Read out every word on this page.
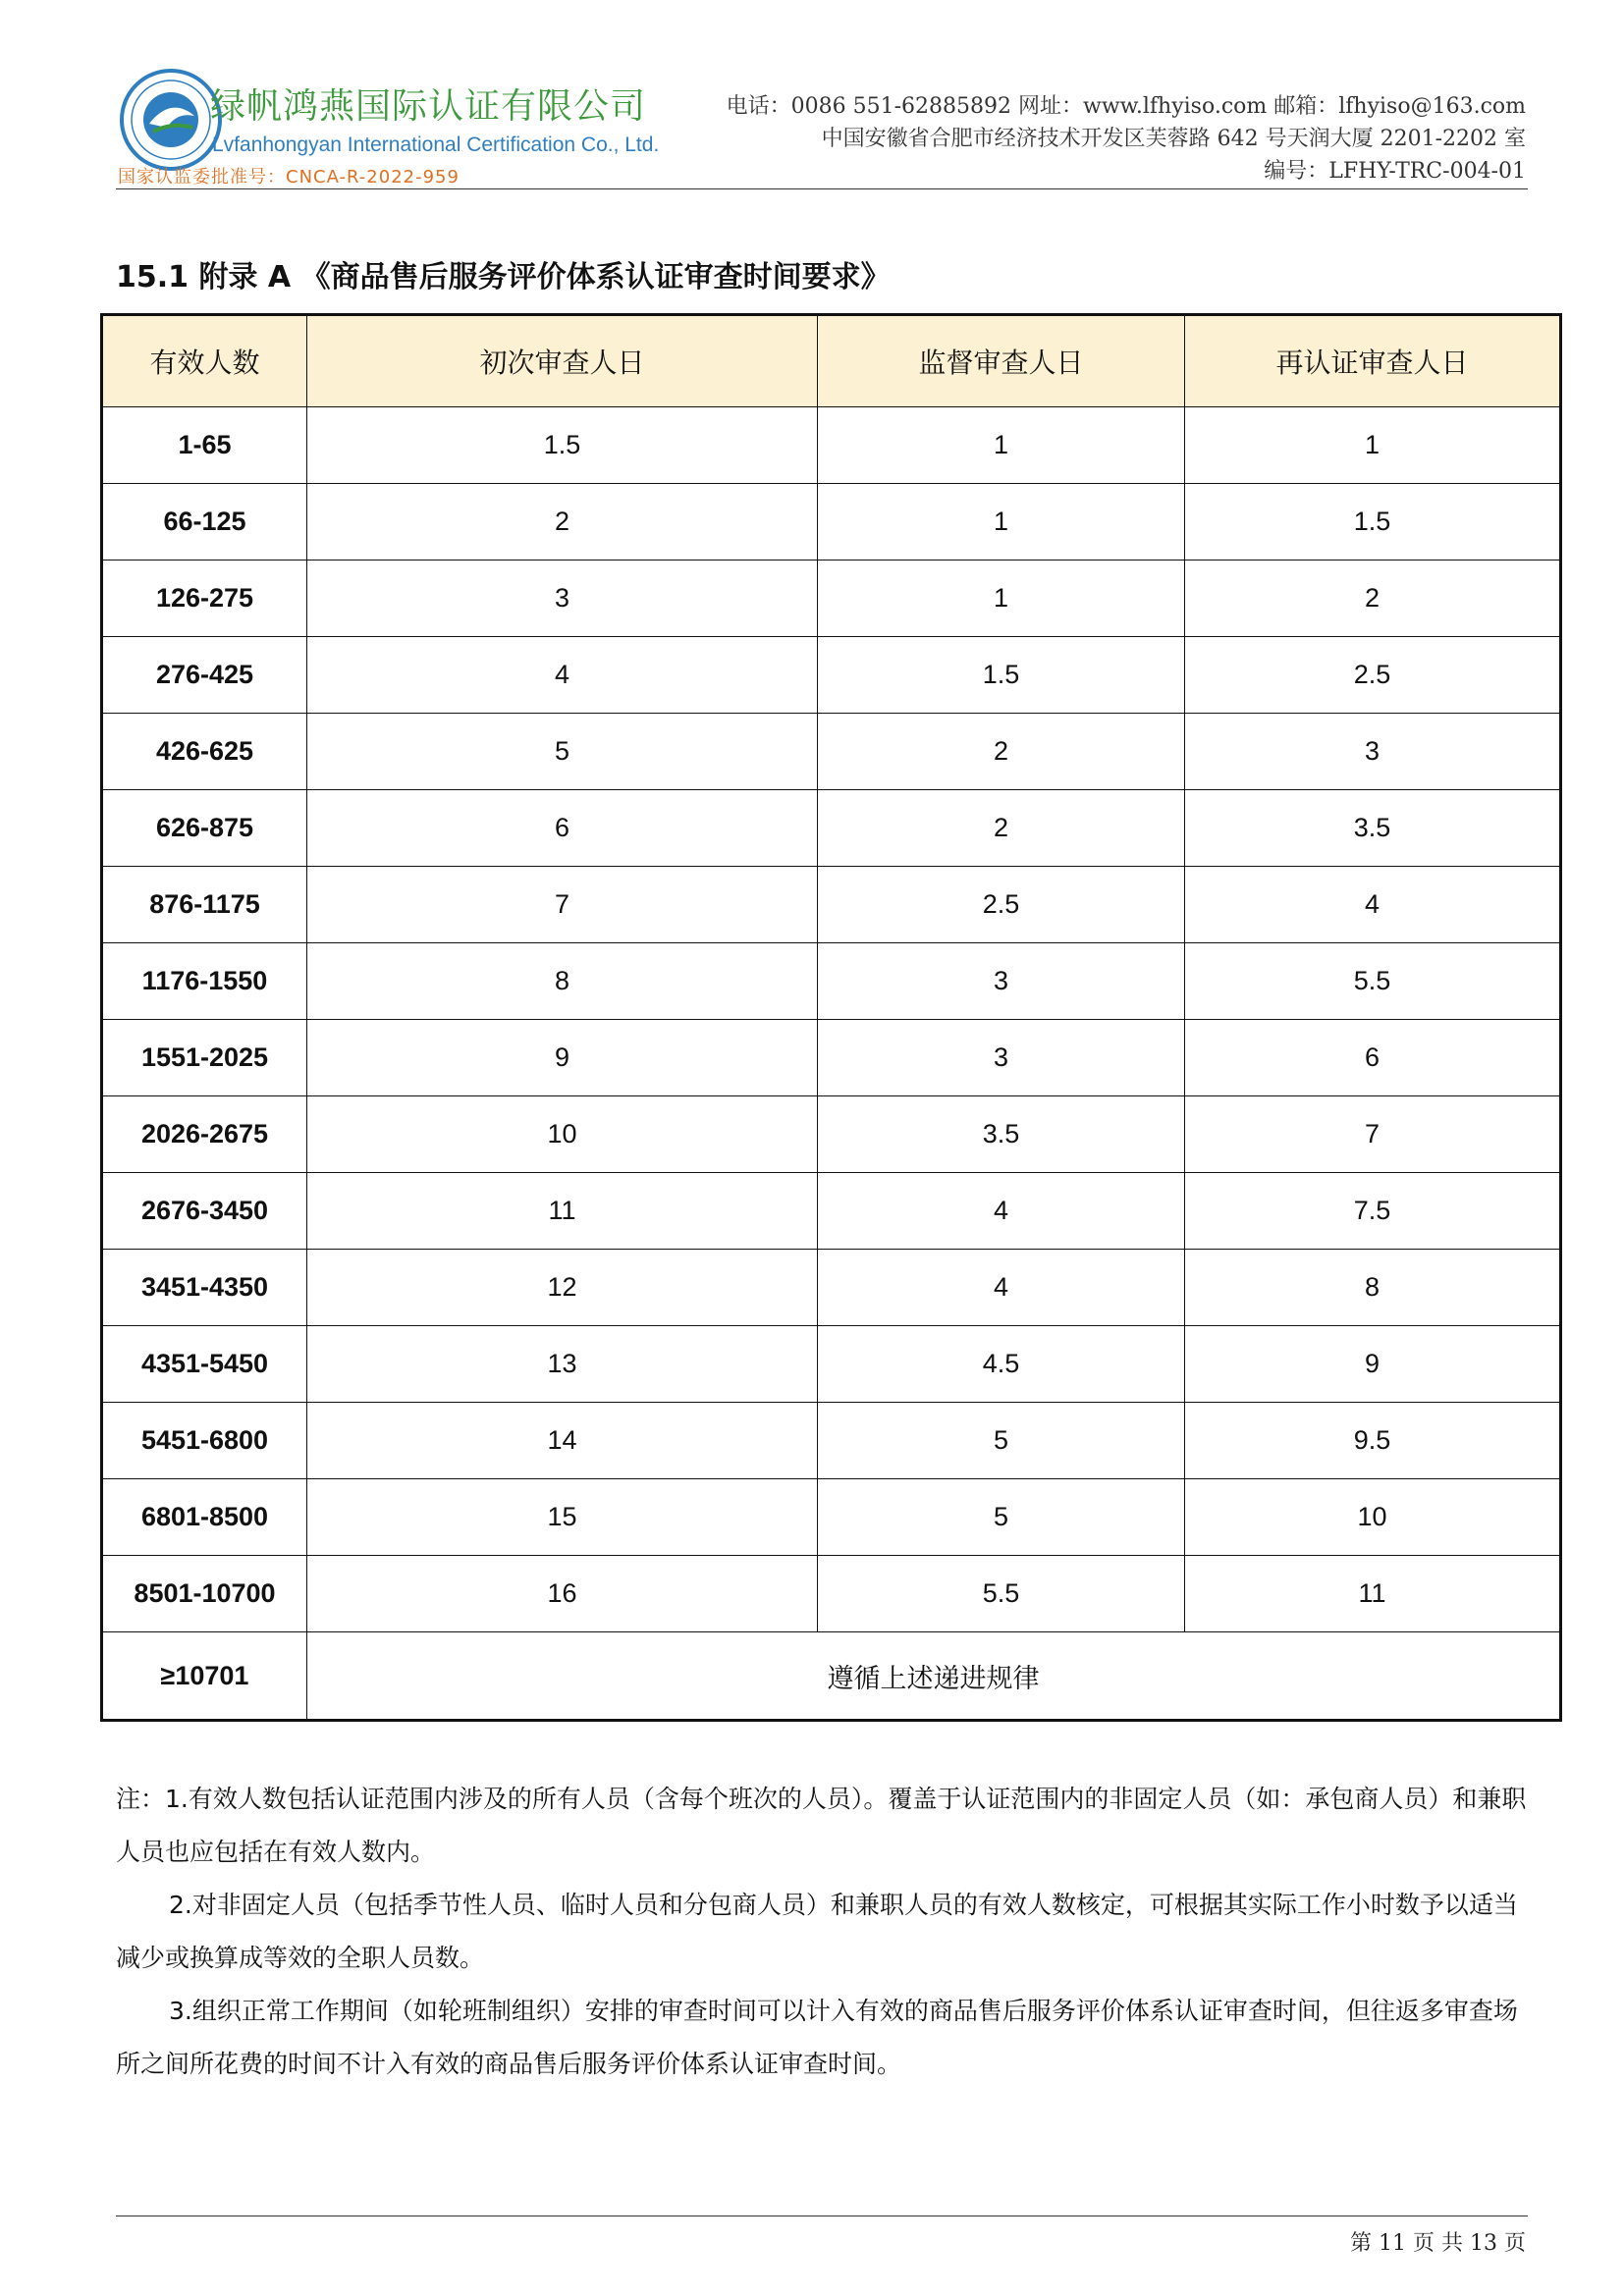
绿帆鸿燕国际认证有限公司
Lvfanhongyan International Certification Co., Ltd.
国家认监委批准号：CNCA-R-2022-959
电话：0086 551-62885892 网址：www.lfhyiso.com 邮箱：lfhyiso@163.com
中国安徽省合肥市经济技术开发区芙蓉路 642 号天润大厦 2201-2202 室
编号：LFHY-TRC-004-01
15.1 附录 A 《商品售后服务评价体系认证审查时间要求》
有效人数	初次审查人日	监督审查人日	再认证审查人日
1-65	1.5	1	1
66-125	2	1	1.5
126-275	3	1	2
276-425	4	1.5	2.5
426-625	5	2	3
626-875	6	2	3.5
876-1175	7	2.5	4
1176-1550	8	3	5.5
1551-2025	9	3	6
2026-2675	10	3.5	7
2676-3450	11	4	7.5
3451-4350	12	4	8
4351-5450	13	4.5	9
5451-6800	14	5	9.5
6801-8500	15	5	10
8501-10700	16	5.5	11
≥10701	遵循上述递进规律		

注：1.有效人数包括认证范围内涉及的所有人员（含每个班次的人员）。覆盖于认证范围内的非固定人员（如：承包商人员）和兼职人员也应包括在有效人数内。

2.对非固定人员（包括季节性人员、临时人员和分包商人员）和兼职人员的有效人数核定，可根据其实际工作小时数予以适当减少或换算成等效的全职人员数。

3.组织正常工作期间（如轮班制组织）安排的审查时间可以计入有效的商品售后服务评价体系认证审查时间，但往返多审查场所之间所花费的时间不计入有效的商品售后服务评价体系认证审查时间。

第 11 页 共 13 页
